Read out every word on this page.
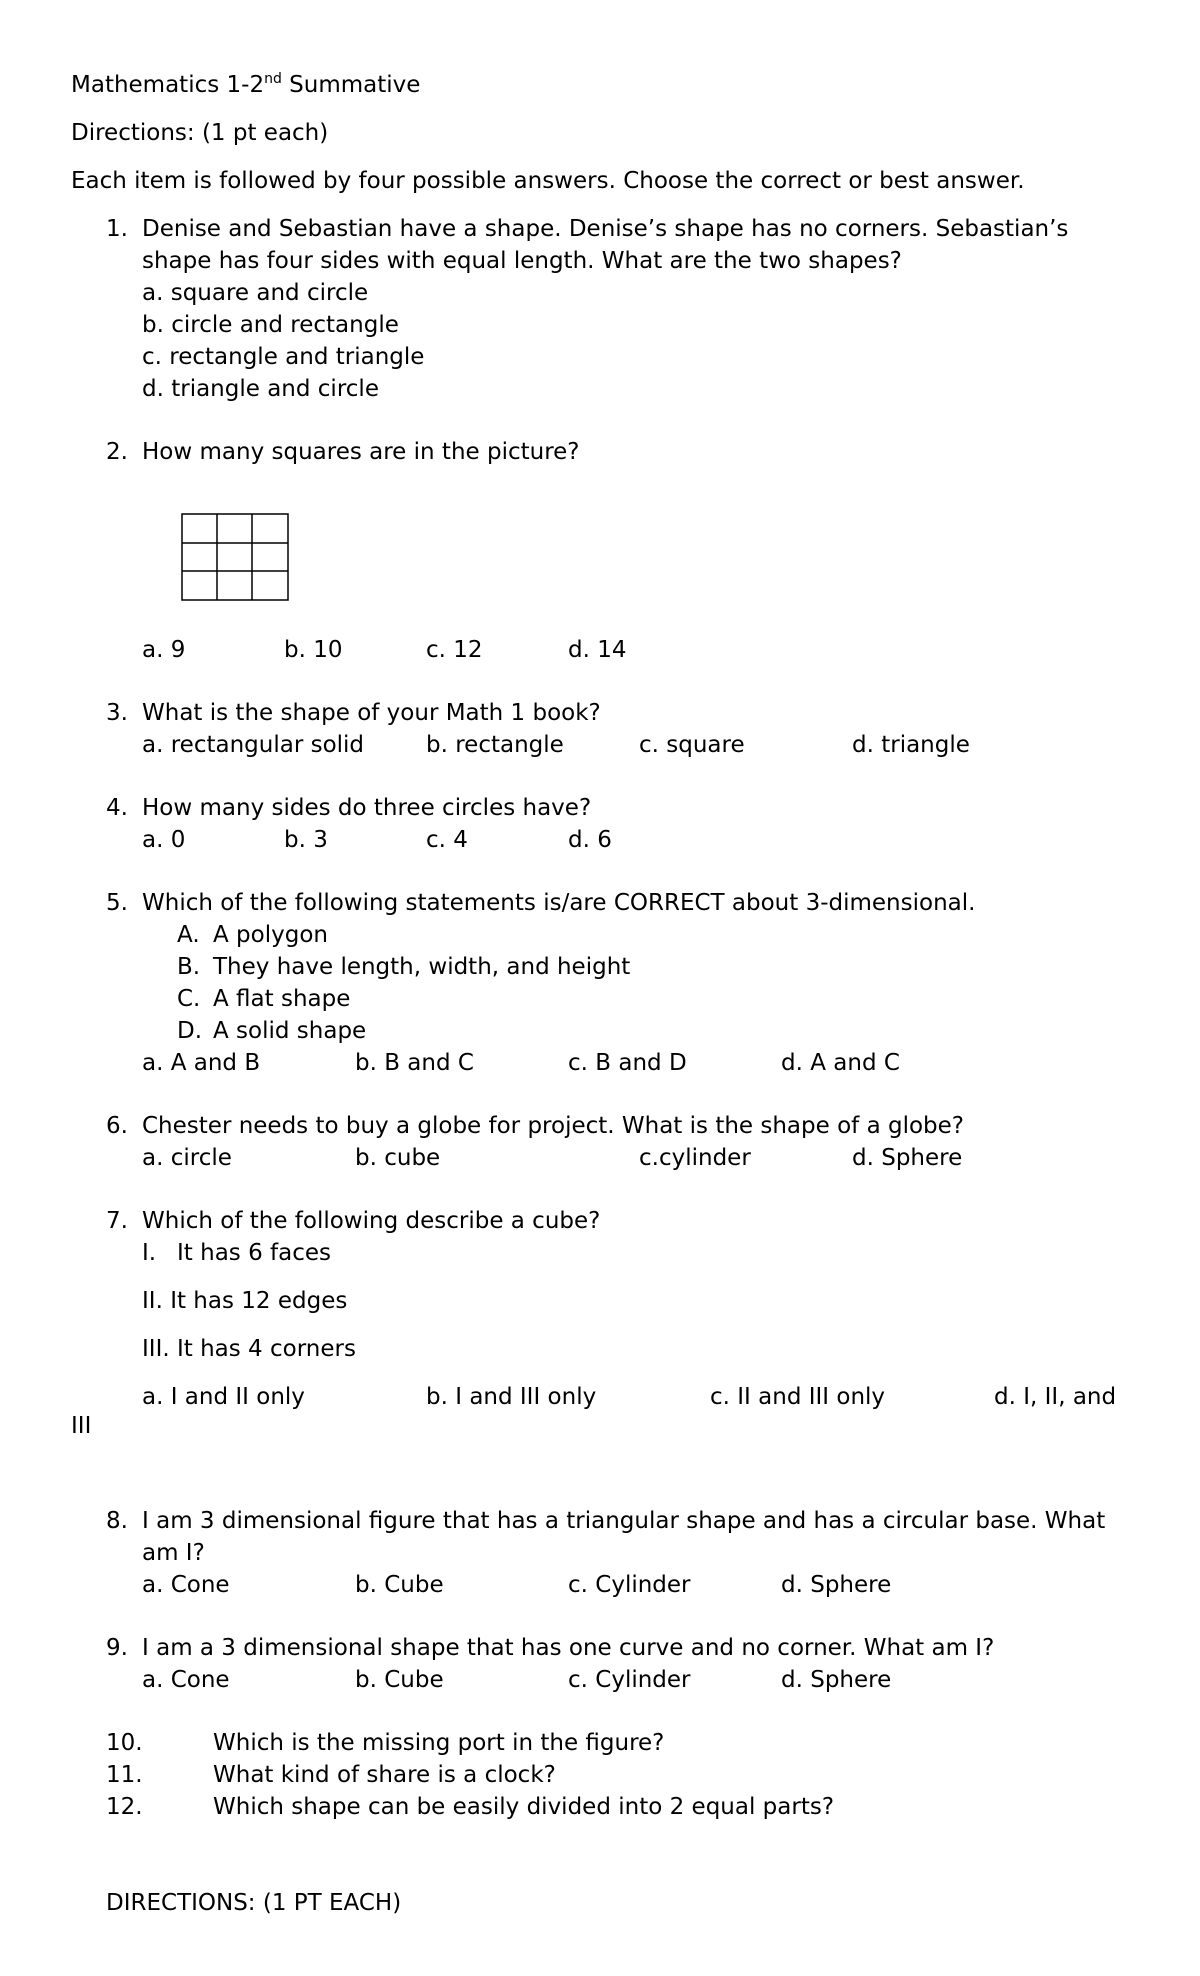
Mathematics 1-2nd Summative
Directions: (1 pt each)
Each item is followed by four possible answers. Choose the correct or best answer.
1. Denise and Sebastian have a shape. Denise’s shape has no corners. Sebastian’s
shape has four sides with equal length. What are the two shapes?
a. square and circle
b. circle and rectangle
c. rectangle and triangle
d. triangle and circle
2. How many squares are in the picture?
a. 9	b. 10	c. 12	d. 14
3. What is the shape of your Math 1 book?
a. rectangular solid	b. rectangle	c. square	d. triangle
4. How many sides do three circles have?
a. 0	b. 3	c. 4	d. 6
5. Which of the following statements is/are CORRECT about 3-dimensional.
A. A polygon
B. They have length, width, and height
C. A flat shape
D. A solid shape
a. A and B	b. B and C	c. B and D	d. A and C
6. Chester needs to buy a globe for project. What is the shape of a globe?
a. circle	b. cube	c.cylinder	d. Sphere
7. Which of the following describe a cube?
I. It has 6 faces
II. It has 12 edges
III. It has 4 corners
a. I and II only	b. I and III only	c. II and III only	d. I, II, and
III
8. I am 3 dimensional figure that has a triangular shape and has a circular base. What
am I?
a. Cone	b. Cube	c. Cylinder	d. Sphere
9. I am a 3 dimensional shape that has one curve and no corner. What am I?
a. Cone	b. Cube	c. Cylinder	d. Sphere
10.	Which is the missing port in the figure?
11.	What kind of share is a clock?
12.	Which shape can be easily divided into 2 equal parts?
DIRECTIONS: (1 PT EACH)
